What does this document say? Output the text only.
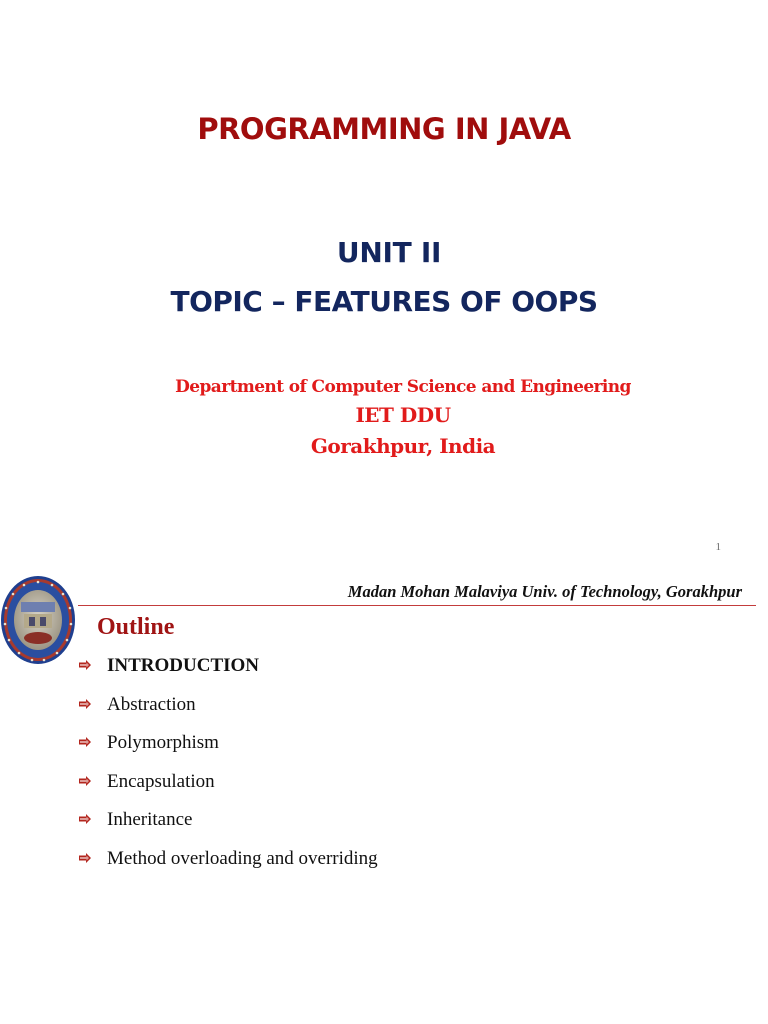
PROGRAMMING IN JAVA
UNIT II
TOPIC – FEATURES OF OOPS
Department of Computer Science and Engineering
IET DDU
Gorakhpur, India
1
Madan Mohan Malaviya Univ. of Technology, Gorakhpur
Outline
INTRODUCTION
Abstraction
Polymorphism
Encapsulation
Inheritance
Method overloading and overriding
